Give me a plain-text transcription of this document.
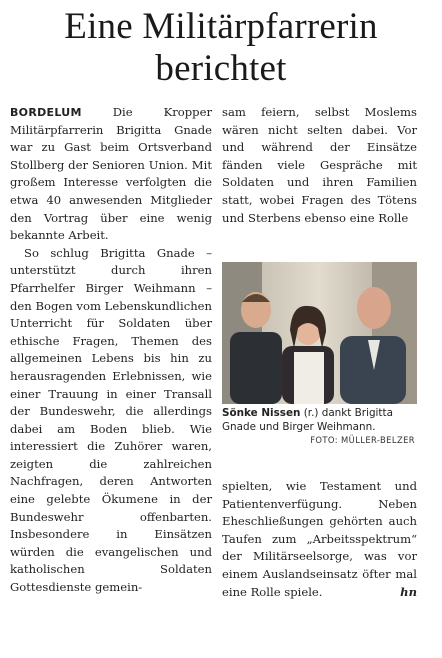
Eine Militärpfarrerin
berichtet

BORDELUM	Die Kropper Militärpfarrerin Brigitta Gnade war zu Gast beim Ortsverband Stollberg der Senioren Union. Mit großem Interesse verfolgten die etwa 40 anwesenden Mitglieder den Vortrag über eine wenig bekannte Arbeit.

So schlug Brigitta Gnade – unterstützt durch ihren Pfarrhelfer Birger Weihmann – den Bogen vom Lebenskundlichen Unterricht für Soldaten über ethische Fragen, Themen des allgemeinen Lebens bis hin zu herausragenden Erlebnissen, wie einer Trauung in einer Transall der Bundeswehr, die allerdings dabei am Boden blieb. Wie interessiert die Zuhörer waren, zeigten die zahlreichen Nachfragen, deren Antworten eine gelebte Ökumene in der Bundeswehr offenbarten. Insbesondere in Einsätzen würden die evangelischen und katholischen Soldaten Gottesdienste gemein-

sam feiern, selbst Moslems wären nicht selten dabei. Vor und während der Einsätze fänden viele Gespräche mit Soldaten und ihren Familien statt, wobei Fragen des Tötens und Sterbens ebenso eine Rolle

Sönke Nissen (r.) dankt Brigitta Gnade und Birger Weihmann.
FOTO: MÜLLER-BELZER

spielten, wie Testament und Patientenverfügung. Neben Eheschließungen gehörten auch Taufen zum „Arbeitsspektrum“ der Militärseelsorge, was vor einem Auslandseinsatz öfter mal eine Rolle spiele.	hn
